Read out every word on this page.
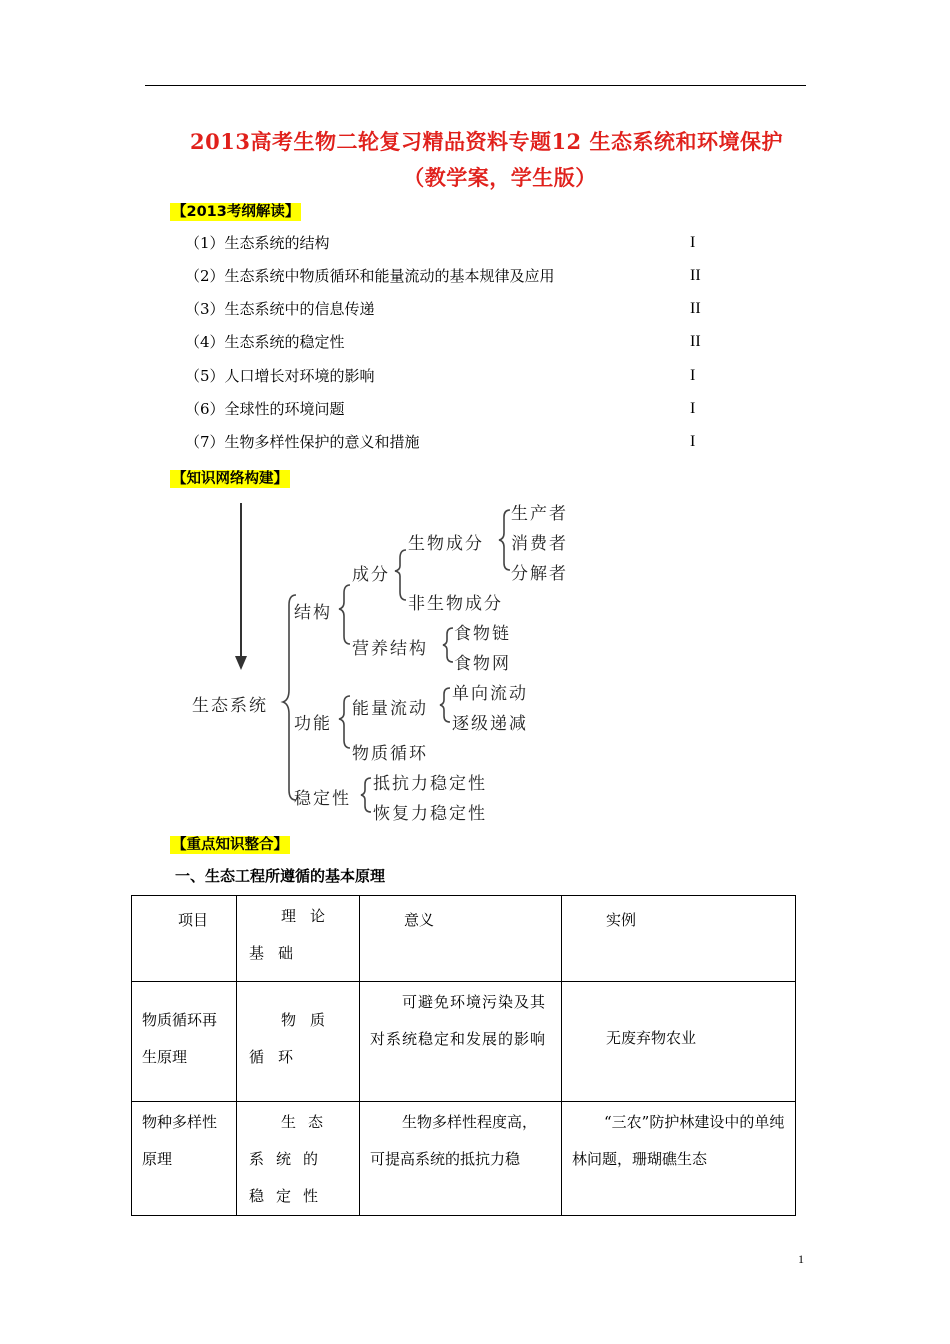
2013高考生物二轮复习精品资料专题12 生态系统和环境保护
（教学案，学生版）
【2013考纲解读】
（1）生态系统的结构	I
（2）生态系统中物质循环和能量流动的基本规律及应用	II
（3）生态系统中的信息传递	II
（4）生态系统的稳定性	II
（5）人口增长对环境的影响	I
（6）全球性的环境问题	I
（7）生物多样性保护的意义和措施	I
【知识网络构建】
生态系统
结构
成分
生物成分
生产者
消费者
分解者
非生物成分
营养结构
食物链
食物网
功能
能量流动
单向流动
逐级递减
物质循环
稳定性
抵抗力稳定性
恢复力稳定性
【重点知识整合】
一、生态工程所遵循的基本原理
项目	理论基础	意义	实例
物质循环再生原理	物质循环	可避免环境污染及其对系统稳定和发展的影响	无废弃物农业
物种多样性原理	生态系统的稳定性	生物多样性程度高，可提高系统的抵抗力稳	“三农”防护林建设中的单纯林问题，珊瑚礁生态
1
